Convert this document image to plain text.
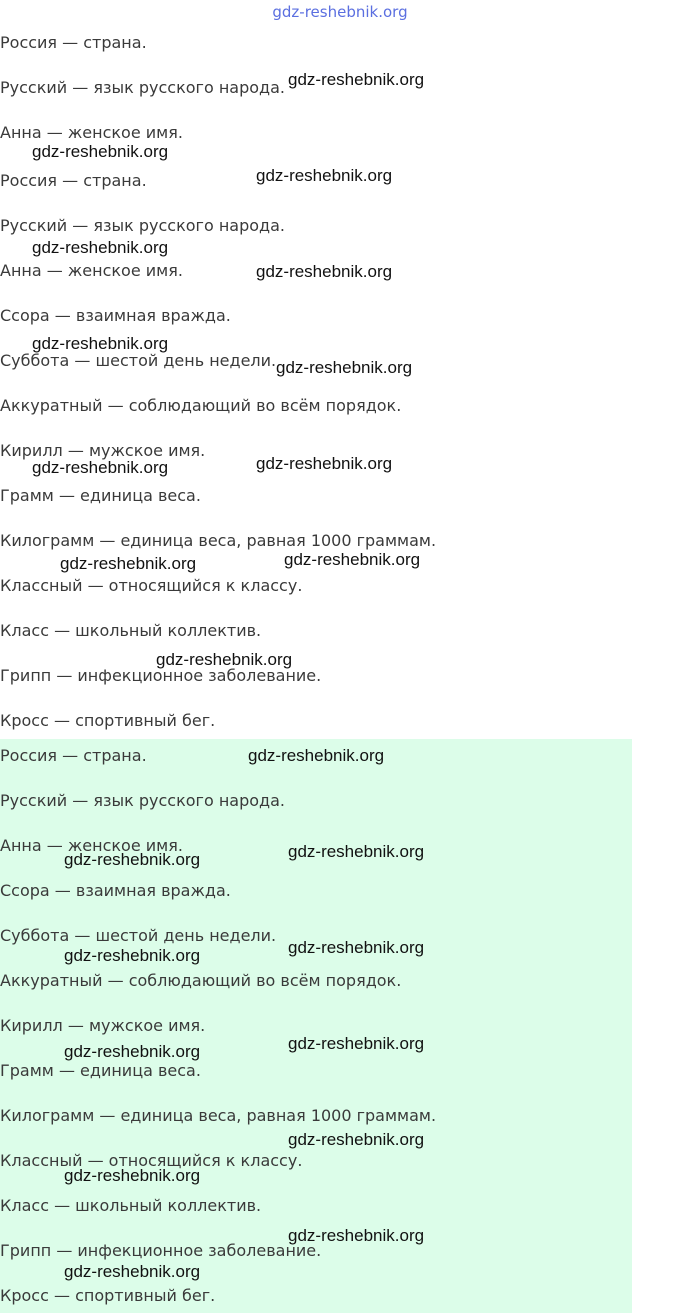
gdz-reshebnik.org
Россия — страна.
Русский — язык русского народа.
Анна — женское имя.
Россия — страна.
Русский — язык русского народа.
Анна — женское имя.
Ссора — взаимная вражда.
Суббота — шестой день недели.
Аккуратный — соблюдающий во всём порядок.
Кирилл — мужское имя.
Грамм — единица веса.
Килограмм — единица веса, равная 1000 граммам.
Классный — относящийся к классу.
Класс — школьный коллектив.
Грипп — инфекционное заболевание.
Кросс — спортивный бег.
Россия — страна.
Русский — язык русского народа.
Анна — женское имя.
Ссора — взаимная вражда.
Суббота — шестой день недели.
Аккуратный — соблюдающий во всём порядок.
Кирилл — мужское имя.
Грамм — единица веса.
Килограмм — единица веса, равная 1000 граммам.
Классный — относящийся к классу.
Класс — школьный коллектив.
Грипп — инфекционное заболевание.
Кросс — спортивный бег.
gdz-reshebnik.org
gdz-reshebnik.org
gdz-reshebnik.org
gdz-reshebnik.org
gdz-reshebnik.org
gdz-reshebnik.org
gdz-reshebnik.org
gdz-reshebnik.org	gdz-reshebnik.org
gdz-reshebnik.org
gdz-reshebnik.org
gdz-reshebnik.org
gdz-reshebnik.org
gdz-reshebnik.org
gdz-reshebnik.org
gdz-reshebnik.org
gdz-reshebnik.org
gdz-reshebnik.org
gdz-reshebnik.org
gdz-reshebnik.org
gdz-reshebnik.org
gdz-reshebnik.org
gdz-reshebnik.org
